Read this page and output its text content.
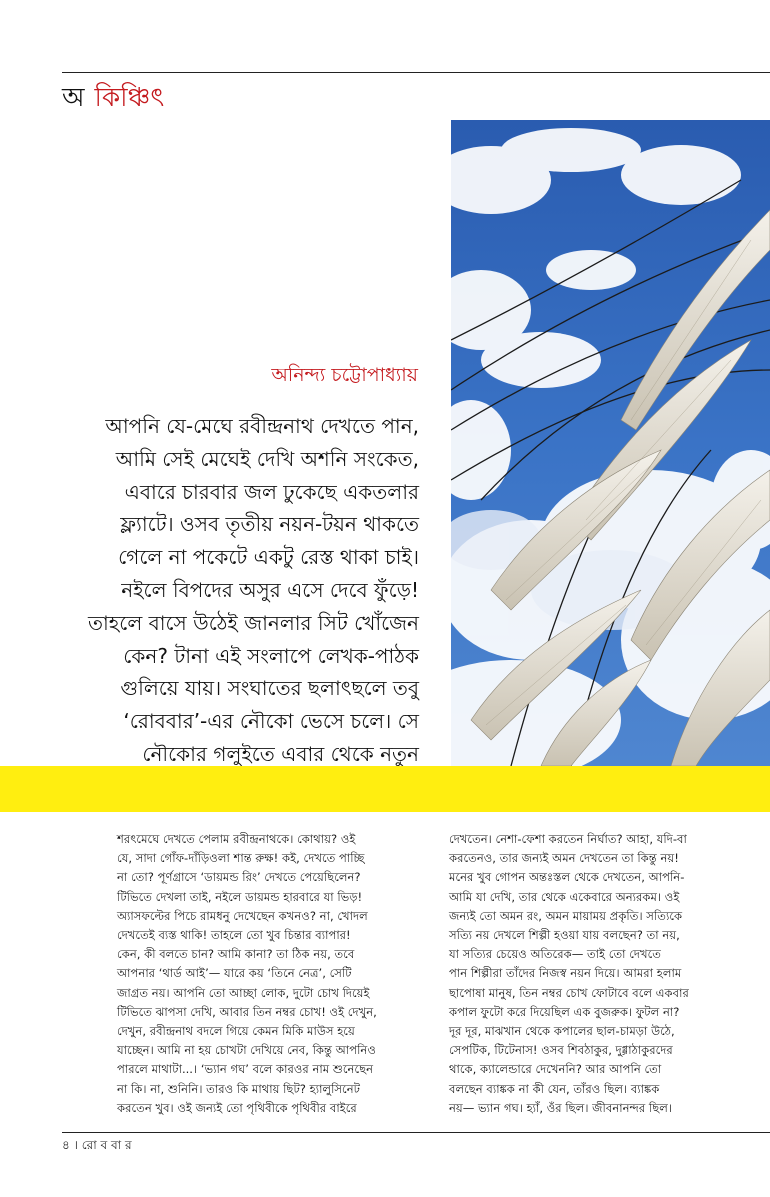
অ কিঞ্চিৎ
অনিন্দ্য চট্টোপাধ্যায়
আপনি যে-মেঘে রবীন্দ্রনাথ দেখতে পান,
আমি সেই মেঘেই দেখি অশনি সংকেত,
এবারে চারবার জল ঢুকেছে একতলার
ফ্ল্যাটে। ওসব তৃতীয় নয়ন-টয়ন থাকতে
গেলে না পকেটে একটু রেস্ত থাকা চাই।
নইলে বিপদের অসুর এসে দেবে ফুঁড়ে!
তাহলে বাসে উঠেই জানলার সিট খোঁজেন
কেন? টানা এই সংলাপে লেখক-পাঠক
গুলিয়ে যায়। সংঘাতের ছলাৎছলে তবু
‘রোববার’-এর নৌকো ভেসে চলে। সে
নৌকোর গলুইতে এবার থেকে নতুন
শরৎমেঘে দেখতে পেলাম রবীন্দ্রনাথকে। কোথায়? ওই
যে, সাদা গোঁফ-দাঁড়িওলা শান্ত রুক্ষ! কই, দেখতে পাচ্ছি
না তো? পূর্ণগ্রাসে ‘ডায়মন্ড রিং’ দেখতে পেয়েছিলেন?
টিভিতে দেখলা তাই, নইলে ডায়মন্ড হারবারে যা ভিড়!
অ্যাসফল্টের পিচে রামধনু দেখেছেন কখনও? না, খোদল
দেখতেই ব্যস্ত থাকি! তাহলে তো খুব চিন্তার ব্যাপার!
কেন, কী বলতে চান? আমি কানা? তা ঠিক নয়, তবে
আপনার ‘থার্ড আই’— যারে কয় ‘তিনে নেত্র’, সেটি
জাগ্রত নয়। আপনি তো আচ্ছা লোক, দুটো চোখ দিয়েই
টিভিতে ঝাপসা দেখি, আবার তিন নম্বর চোখ! ওই দেখুন,
দেখুন, রবীন্দ্রনাথ বদলে গিয়ে কেমন মিকি মাউস হয়ে
যাচ্ছেন। আমি না হয় চোখটা দেখিয়ে নেব, কিন্তু আপনিও
পারলে মাথাটা...। ‘ভ্যান গঘ’ বলে কারওর নাম শুনেছেন
না কি। না, শুনিনি। তারও কি মাথায় ছিট? হ্যালুসিনেট
করতেন খুব। ওই জন্যই তো পৃথিবীকে পৃথিবীর বাইরে
দেখতেন। নেশা-ফেশা করতেন নির্ঘাত? আহা, যদি-বা
করতেনও, তার জন্যই অমন দেখতেন তা কিন্তু নয়!
মনের খুব গোপন অন্তঃস্তল থেকে দেখতেন, আপনি-
আমি যা দেখি, তার থেকে একেবারে অন্যরকম। ওই
জন্যই তো অমন রং, অমন মায়াময় প্রকৃতি। সত্যিকে
সত্যি নয় দেখলে শিল্পী হওয়া যায় বলছেন? তা নয়,
যা সত্যির চেয়েও অতিরেক— তাই তো দেখতে
পান শিল্পীরা তাঁদের নিজস্ব নয়ন দিয়ে। আমরা হলাম
ছাপোষা মানুষ, তিন নম্বর চোখ ফোটাবে বলে একবার
কপাল ফুটো করে দিয়েছিল এক বুজরুক। ফুটল না?
দূর দূর, মাঝখান থেকে কপালের ছাল-চামড়া উঠে,
সেপটিক, টিটেনাস! ওসব শিবঠাকুর, দুগ্গাঠাকুরদের
থাকে, ক্যালেন্ডারে দেখেননি? আর আপনি তো
বলছেন ব্যাঙ্কক না কী যেন, তাঁরও ছিল। ব্যাঙ্কক
নয়— ভ্যান গঘ। হ্যাঁ, ওঁর ছিল। জীবনানন্দর ছিল।
৪ । রো ব বা র
